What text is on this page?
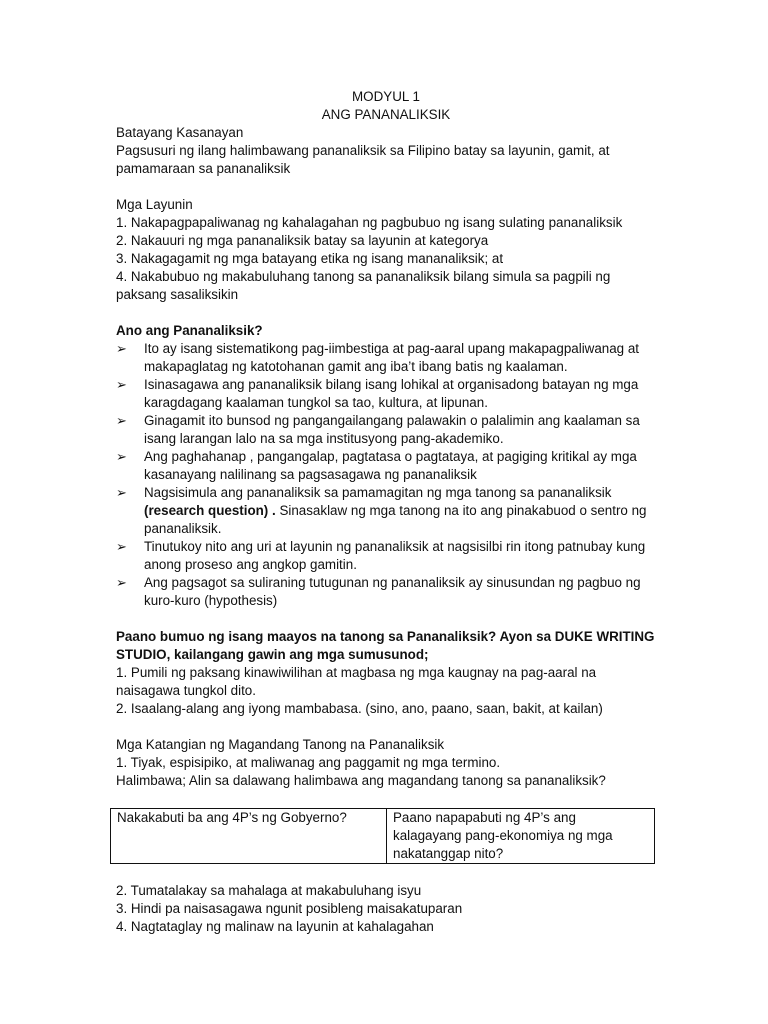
MODYUL 1

ANG PANANALIKSIK

Batayang Kasanayan

Pagsusuri ng ilang halimbawang pananaliksik sa Filipino batay sa layunin, gamit, at pamamaraan sa pananaliksik

Mga Layunin

1. Nakapagpapaliwanag ng kahalagahan ng pagbubuo ng isang sulating pananaliksik

2. Nakauuri ng mga pananaliksik batay sa layunin at kategorya

3. Nakagagamit ng mga batayang etika ng isang mananaliksik; at

4. Nakabubuo ng makabuluhang tanong sa pananaliksik bilang simula sa pagpili ng paksang sasaliksikin

Ano ang Pananaliksik?

➢ Ito ay isang sistematikong pag-iimbestiga at pag-aaral upang makapagpaliwanag at makapaglatag ng katotohanan gamit ang iba’t ibang batis ng kaalaman.
➢ Isinasagawa ang pananaliksik bilang isang lohikal at organisadong batayan ng mga karagdagang kaalaman tungkol sa tao, kultura, at lipunan.
➢ Ginagamit ito bunsod ng pangangailangang palawakin o palalimin ang kaalaman sa isang larangan lalo na sa mga institusyong pang-akademiko.
➢ Ang paghahanap , pangangalap, pagtatasa o pagtataya, at pagiging kritikal ay mga kasanayang nalilinang sa pagsasagawa ng pananaliksik
➢ Nagsisimula ang pananaliksik sa pamamagitan ng mga tanong sa pananaliksik (research question) . Sinasaklaw ng mga tanong na ito ang pinakabuod o sentro ng pananaliksik.
➢ Tinutukoy nito ang uri at layunin ng pananaliksik at nagsisilbi rin itong patnubay kung anong proseso ang angkop gamitin.
➢ Ang pagsagot sa suliraning tutugunan ng pananaliksik ay sinusundan ng pagbuo ng kuro-kuro (hypothesis)

Paano bumuo ng isang maayos na tanong sa Pananaliksik? Ayon sa DUKE WRITING STUDIO, kailangang gawin ang mga sumusunod;

1. Pumili ng paksang kinawiwilihan at magbasa ng mga kaugnay na pag-aaral na naisagawa tungkol dito.

2. Isaalang-alang ang iyong mambabasa. (sino, ano, paano, saan, bakit, at kailan)

Mga Katangian ng Magandang Tanong na Pananaliksik

1. Tiyak, espisipiko, at maliwanag ang paggamit ng mga termino.

Halimbawa; Alin sa dalawang halimbawa ang magandang tanong sa pananaliksik?

Nakakabuti ba ang 4P’s ng Gobyerno?	Paano napapabuti ng 4P’s ang kalagayang pang-ekonomiya ng mga nakatanggap nito?

2. Tumatalakay sa mahalaga at makabuluhang isyu

3. Hindi pa naisasagawa ngunit posibleng maisakatuparan

4. Nagtataglay ng malinaw na layunin at kahalagahan
